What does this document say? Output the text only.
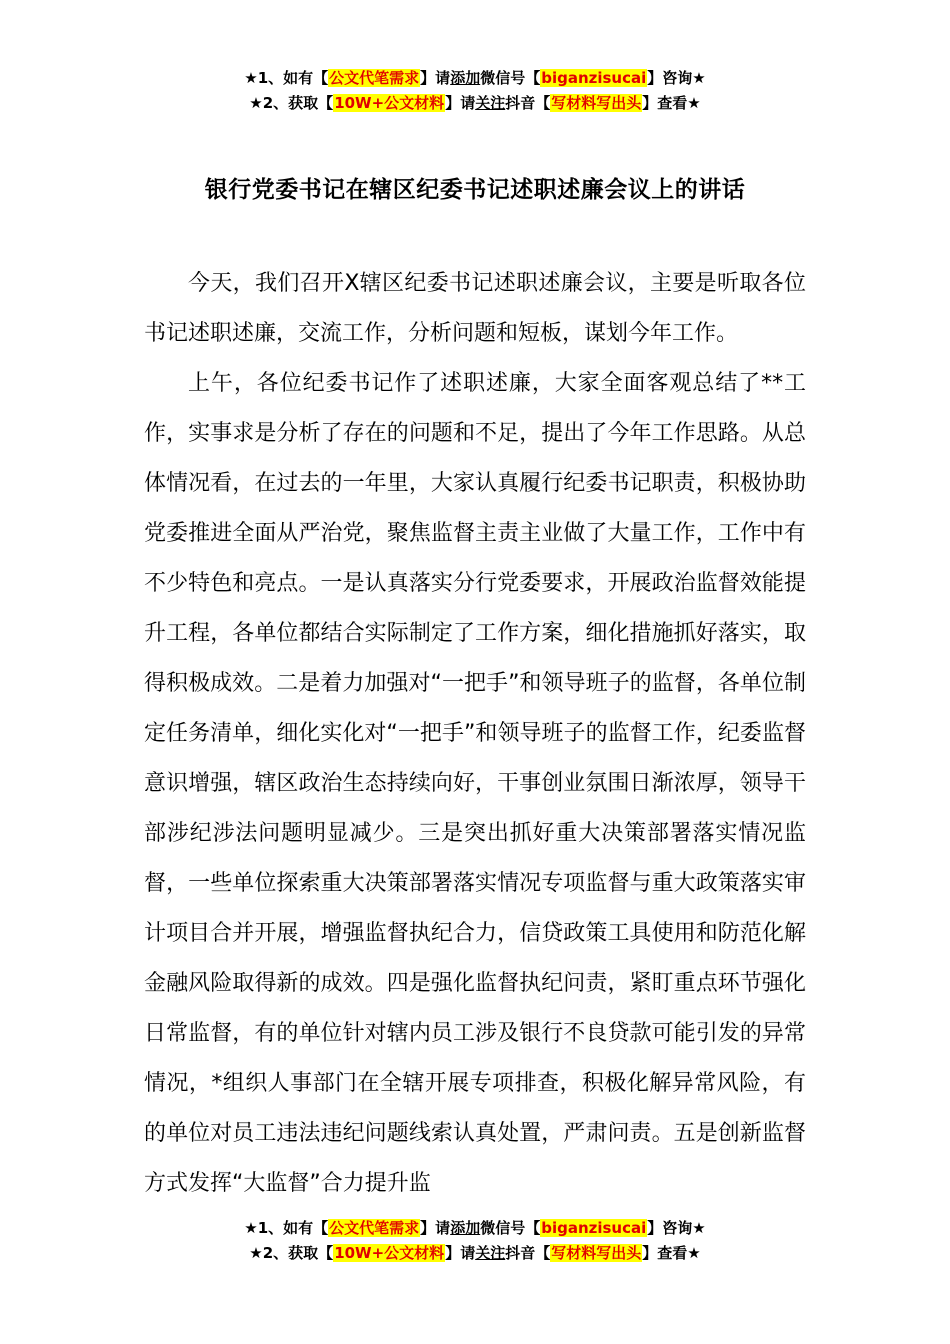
★1、如有【公文代笔需求】请添加微信号【biganzisucai】咨询★
★2、获取【10W+公文材料】请关注抖音【写材料写出头】查看★
银行党委书记在辖区纪委书记述职述廉会议上的讲话

今天，我们召开X辖区纪委书记述职述廉会议，主要是听取各位书记述职述廉，交流工作，分析问题和短板，谋划今年工作。

上午，各位纪委书记作了述职述廉，大家全面客观总结了**工作，实事求是分析了存在的问题和不足，提出了今年工作思路。从总体情况看，在过去的一年里，大家认真履行纪委书记职责，积极协助党委推进全面从严治党，聚焦监督主责主业做了大量工作，工作中有不少特色和亮点。一是认真落实分行党委要求，开展政治监督效能提升工程，各单位都结合实际制定了工作方案，细化措施抓好落实，取得积极成效。二是着力加强对“一把手”和领导班子的监督，各单位制定任务清单，细化实化对“一把手”和领导班子的监督工作，纪委监督意识增强，辖区政治生态持续向好，干事创业氛围日渐浓厚，领导干部涉纪涉法问题明显减少。三是突出抓好重大决策部署落实情况监督，一些单位探索重大决策部署落实情况专项监督与重大政策落实审计项目合并开展，增强监督执纪合力，信贷政策工具使用和防范化解金融风险取得新的成效。四是强化监督执纪问责，紧盯重点环节强化日常监督，有的单位针对辖内员工涉及银行不良贷款可能引发的异常情况，*组织人事部门在全辖开展专项排查，积极化解异常风险，有的单位对员工违法违纪问题线索认真处置，严肃问责。五是创新监督方式发挥“大监督”合力提升监

★1、如有【公文代笔需求】请添加微信号【biganzisucai】咨询★
★2、获取【10W+公文材料】请关注抖音【写材料写出头】查看★
